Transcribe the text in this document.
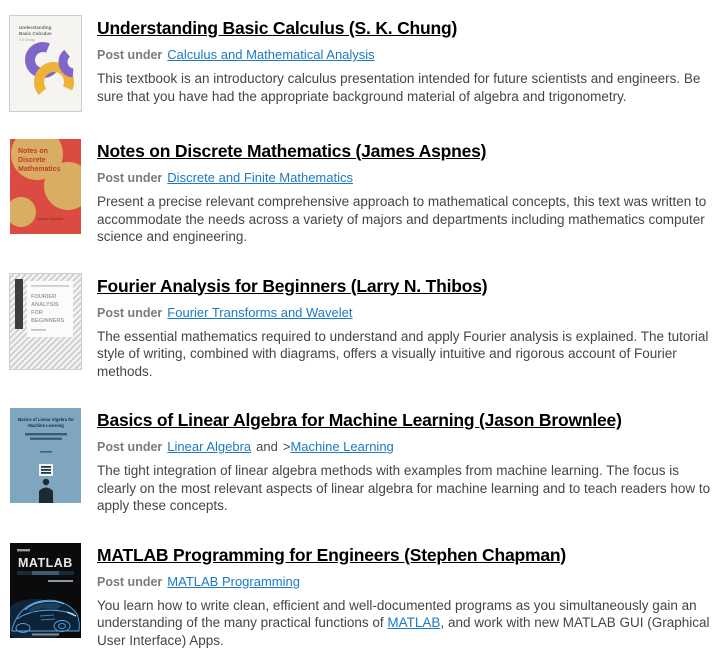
Understanding
Basic Calculus
S K Chung
Understanding Basic Calculus (S. K. Chung)
Post under Calculus and Mathematical Analysis
This textbook is an introductory calculus presentation intended for future scientists and engineers. Be sure that you have had the appropriate background material of algebra and trigonometry.
Notes on
Discrete
Mathematics
James Aspnes
Notes on Discrete Mathematics (James Aspnes)
Post under Discrete and Finite Mathematics
Present a precise relevant comprehensive approach to mathematical concepts, this text was written to accommodate the needs across a variety of majors and departments including mathematics computer science and engineering.
FOURIER
ANALYSIS
FOR
BEGINNERS
Fourier Analysis for Beginners (Larry N. Thibos)
Post under Fourier Transforms and Wavelet
The essential mathematics required to understand and apply Fourier analysis is explained. The tutorial style of writing, combined with diagrams, offers a visually intuitive and rigorous account of Fourier methods.
Basics of Linear Algebra for
Machine Learning Basics of Linear Algebra for Machine Learning (Jason Brownlee)
Post under Linear Algebra and >Machine Learning
The tight integration of linear algebra methods with examples from machine learning. The focus is clearly on the most relevant aspects of linear algebra for machine learning and to teach readers how to apply these concepts.
MATLAB MATLAB Programming for Engineers (Stephen Chapman)
Post under MATLAB Programming
You learn how to write clean, efficient and well-documented programs as you simultaneously gain an understanding of the many practical functions of MATLAB, and work with new MATLAB GUI (Graphical User Interface) Apps.
